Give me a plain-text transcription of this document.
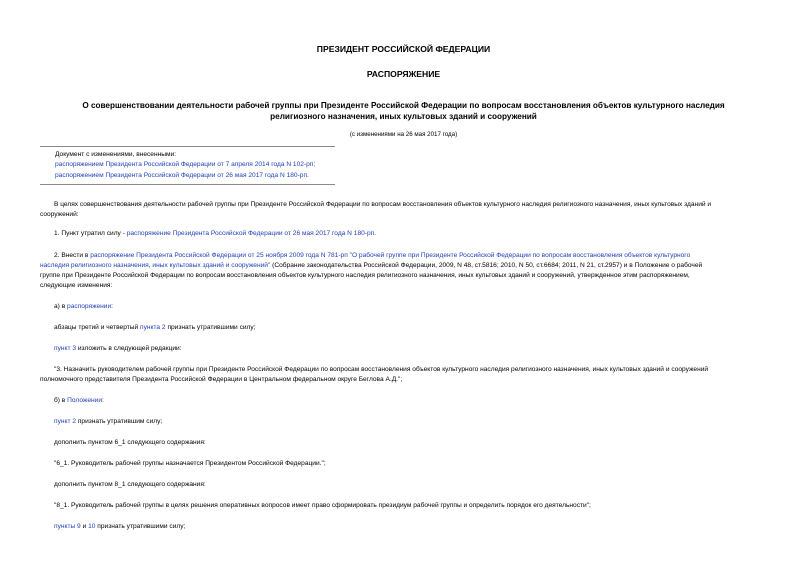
ПРЕЗИДЕНТ РОССИЙСКОЙ ФЕДЕРАЦИИ
РАСПОРЯЖЕНИЕ
О совершенствовании деятельности рабочей группы при Президенте Российской Федерации по вопросам восстановления объектов культурного наследия
религиозного назначения, иных культовых зданий и сооружений
(с изменениями на 26 мая 2017 года)
Документ с изменениями, внесенными:
распоряжением Президента Российской Федерации от 7 апреля 2014 года N 102-рп;
распоряжением Президента Российской Федерации от 26 мая 2017 года N 180-рп.
В целях совершенствования деятельности рабочей группы при Президенте Российской Федерации по вопросам восстановления объектов культурного наследия религиозного назначения, иных культовых зданий и
сооружений:
1. Пункт утратил силу - распоряжение Президента Российской Федерации от 26 мая 2017 года N 180-рп.
2. Внести в распоряжение Президента Российской Федерации от 25 ноября 2009 года N 781-рп "О рабочей группе при Президенте Российской Федерации по вопросам восстановления объектов культурного
наследия религиозного назначения, иных культовых зданий и сооружений" (Собрание законодательства Российской Федерации, 2009, N 48, ст.5816; 2010, N 50, ст.6684; 2011, N 21, ст.2957) и в Положение о рабочей
группе при Президенте Российской Федерации по вопросам восстановления объектов культурного наследия религиозного назначения, иных культовых зданий и сооружений, утвержденное этим распоряжением,
следующие изменения:
а) в распоряжении:
абзацы третий и четвертый пункта 2 признать утратившими силу;
пункт 3 изложить в следующей редакции:
"3. Назначить руководителем рабочей группы при Президенте Российской Федерации по вопросам восстановления объектов культурного наследия религиозного назначения, иных культовых зданий и сооружений
полномочного представителя Президента Российской Федерации в Центральном федеральном округе Беглова А.Д.";
б) в Положении:
пункт 2 признать утратившим силу;
дополнить пунктом 6_1 следующего содержания:
"6_1. Руководитель рабочей группы назначается Президентом Российской Федерации.";
дополнить пунктом 8_1 следующего содержания:
"8_1. Руководитель рабочей группы в целях решения оперативных вопросов имеет право сформировать президиум рабочей группы и определить порядок его деятельности";
пункты 9 и 10 признать утратившими силу;
